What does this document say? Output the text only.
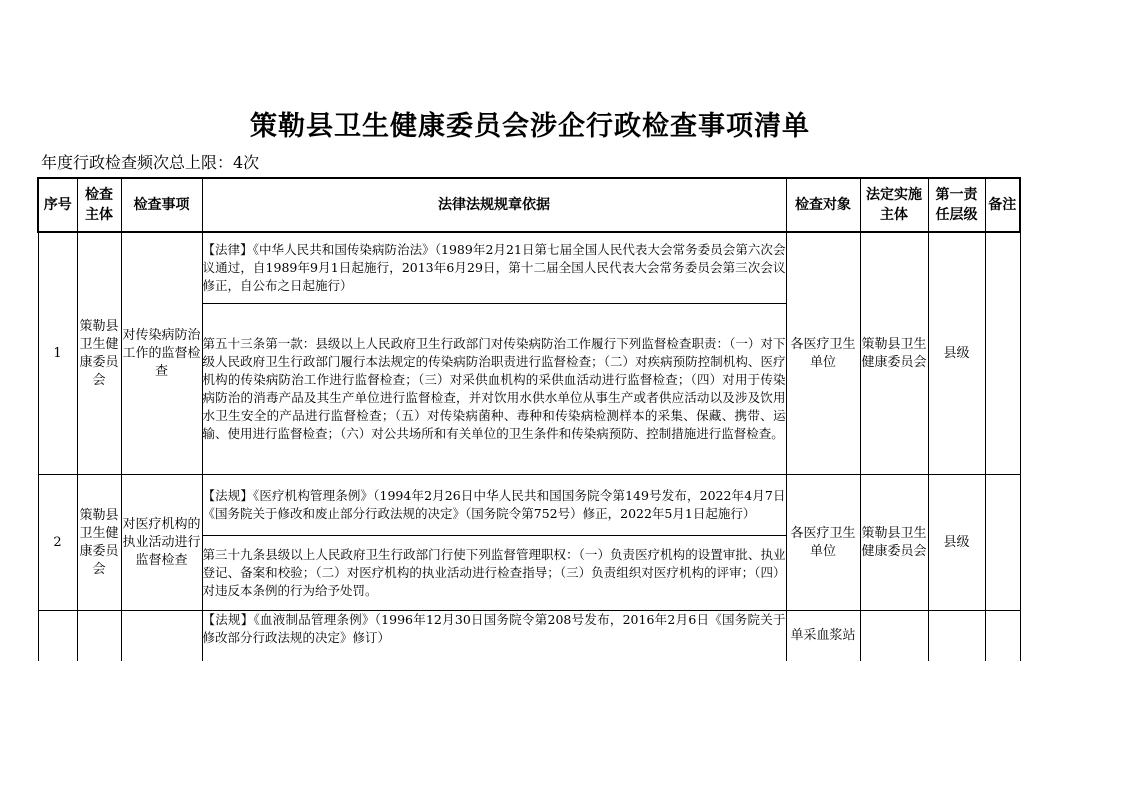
策勒县卫生健康委员会涉企行政检查事项清单
年度行政检查频次总上限：4次
序号	检查主体	检查事项	法律法规规章依据	检查对象	法定实施主体	第一责任层级	备注
1	策勒县卫生健康委员会	对传染病防治工作的监督检查	【法律】《中华人民共和国传染病防治法》（1989年2月21日第七届全国人民代表大会常务委员会第六次会议通过，自1989年9月1日起施行，2013年6月29日，第十二届全国人民代表大会常务委员会第三次会议修正，自公布之日起施行）	各医疗卫生单位	策勒县卫生健康委员会	县级	
			第五十三条第一款：县级以上人民政府卫生行政部门对传染病防治工作履行下列监督检查职责：（一）对下级人民政府卫生行政部门履行本法规定的传染病防治职责进行监督检查；（二）对疾病预防控制机构、医疗机构的传染病防治工作进行监督检查；（三）对采供血机构的采供血活动进行监督检查；（四）对用于传染病防治的消毒产品及其生产单位进行监督检查，并对饮用水供水单位从事生产或者供应活动以及涉及饮用水卫生安全的产品进行监督检查；（五）对传染病菌种、毒种和传染病检测样本的采集、保藏、携带、运输、使用进行监督检查；（六）对公共场所和有关单位的卫生条件和传染病预防、控制措施进行监督检查。				
2	策勒县卫生健康委员会	对医疗机构的执业活动进行监督检查	【法规】《医疗机构管理条例》（1994年2月26日中华人民共和国国务院令第149号发布，2022年4月7日《国务院关于修改和废止部分行政法规的决定》（国务院令第752号）修正，2022年5月1日起施行）	各医疗卫生单位	策勒县卫生健康委员会	县级	
			第三十九条县级以上人民政府卫生行政部门行使下列监督管理职权：（一）负责医疗机构的设置审批、执业登记、备案和校验；（二）对医疗机构的执业活动进行检查指导；（三）负责组织对医疗机构的评审；（四）对违反本条例的行为给予处罚。				
			【法规】《血液制品管理条例》（1996年12月30日国务院令第208号发布，2016年2月6日《国务院关于修改部分行政法规的决定》修订）	单采血浆站			
